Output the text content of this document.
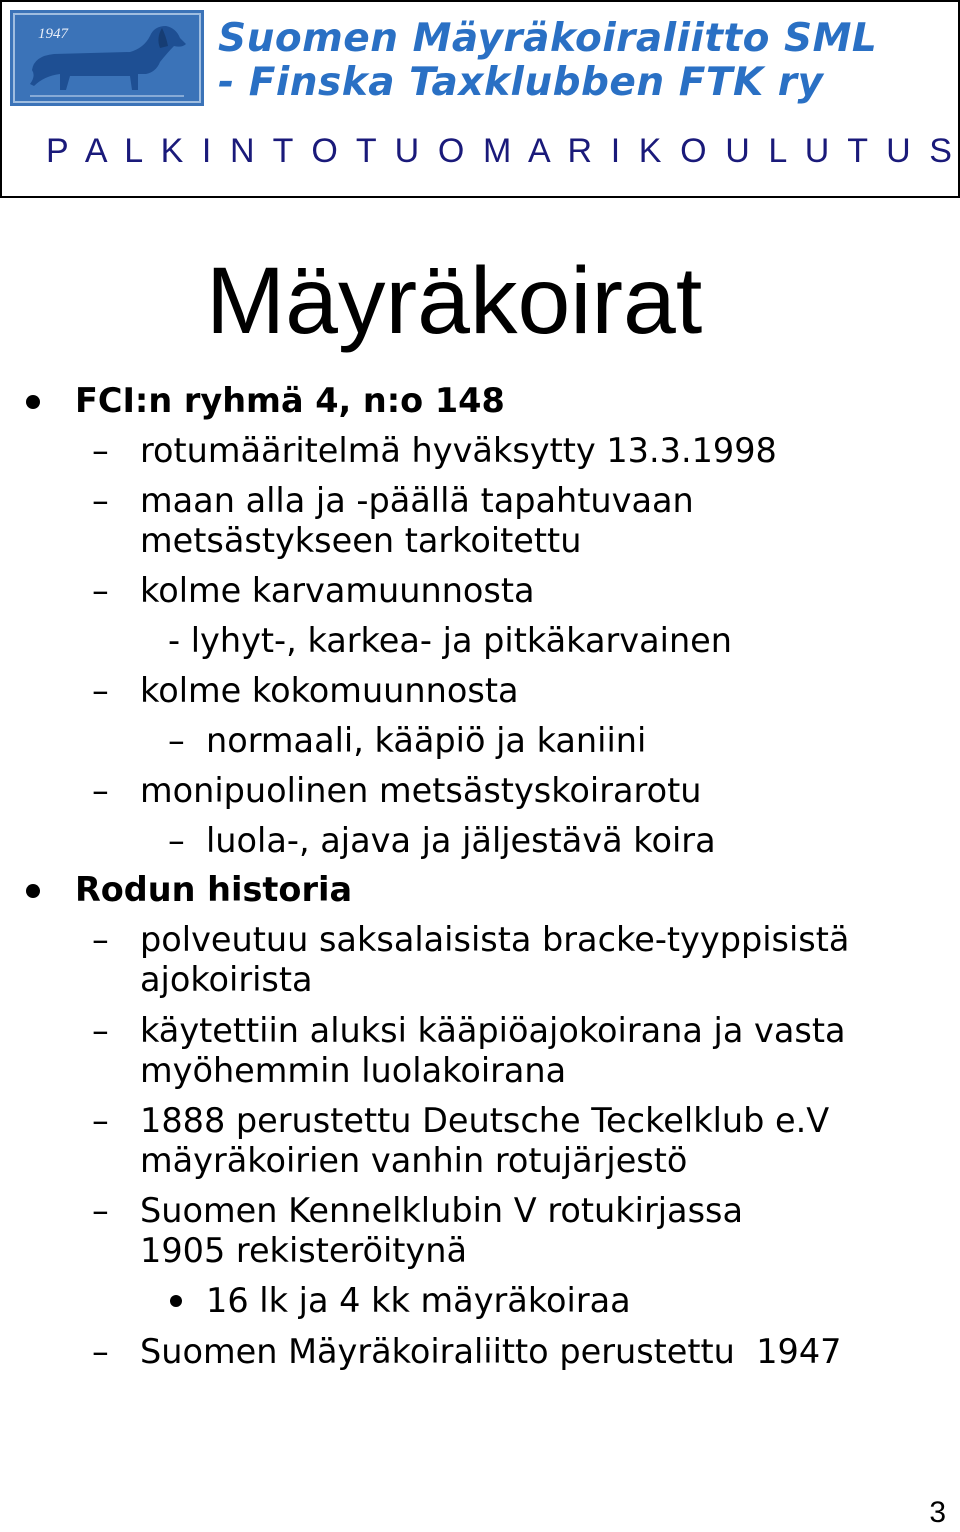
1947	Suomen Mäyräkoiraliitto SML
- Finska Taxklubben FTK ry
P A L K I N T O T U O M A R I K O U L U T U S
Mäyräkoirat
FCI:n ryhmä 4, n:o 148
– rotumääritelmä hyväksytty 13.3.1998
– maan alla ja -päällä tapahtuvaan
metsästykseen tarkoitettu
– kolme karvamuunnosta
- lyhyt-, karkea- ja pitkäkarvainen
– kolme kokomuunnosta
– normaali, kääpiö ja kaniini
– monipuolinen metsästyskoirarotu
– luola-, ajava ja jäljestävä koira
Rodun historia
– polveutuu saksalaisista bracke-tyyppisistä
ajokoirista
– käytettiin aluksi kääpiöajokoirana ja vasta
myöhemmin luolakoirana
– 1888 perustettu Deutsche Teckelklub e.V
mäyräkoirien vanhin rotujärjestö
– Suomen Kennelklubin V rotukirjassa
1905 rekisteröitynä
16 lk ja 4 kk mäyräkoiraa
– Suomen Mäyräkoiraliitto perustettu  1947
3
